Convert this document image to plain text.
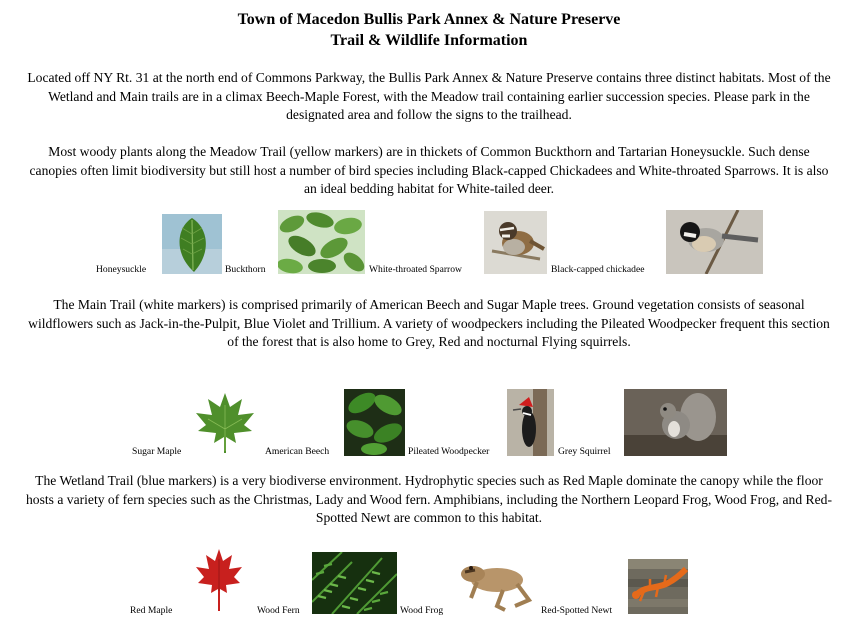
Town of Macedon Bullis Park Annex & Nature Preserve
Trail & Wildlife Information
Located off NY Rt. 31 at the north end of Commons Parkway, the Bullis Park Annex & Nature Preserve contains three distinct habitats. Most of the Wetland and Main trails are in a climax Beech-Maple Forest, with the Meadow trail containing earlier succession species. Please park in the designated area and follow the signs to the trailhead.
Most woody plants along the Meadow Trail (yellow markers) are in thickets of Common Buckthorn and Tartarian Honeysuckle. Such dense canopies often limit biodiversity but still host a number of bird species including Black-capped Chickadees and White-throated Sparrows. It is also an ideal bedding habitat for White-tailed deer.
Honeysuckle	Buckthorn	White-throated Sparrow	Black-capped chickadee
The Main Trail (white markers) is comprised primarily of American Beech and Sugar Maple trees. Ground vegetation consists of seasonal wildflowers such as Jack-in-the-Pulpit, Blue Violet and Trillium. A variety of woodpeckers including the Pileated Woodpecker frequent this section of the forest that is also home to Grey, Red and nocturnal Flying squirrels.
Sugar Maple	American Beech	Pileated Woodpecker	Grey Squirrel
The Wetland Trail (blue markers) is a very biodiverse environment. Hydrophytic species such as Red Maple dominate the canopy while the floor hosts a variety of fern species such as the Christmas, Lady and Wood fern. Amphibians, including the Northern Leopard Frog, Wood Frog, and Red-Spotted Newt are common to this habitat.
Red Maple	Wood Fern	Wood Frog	Red-Spotted Newt
